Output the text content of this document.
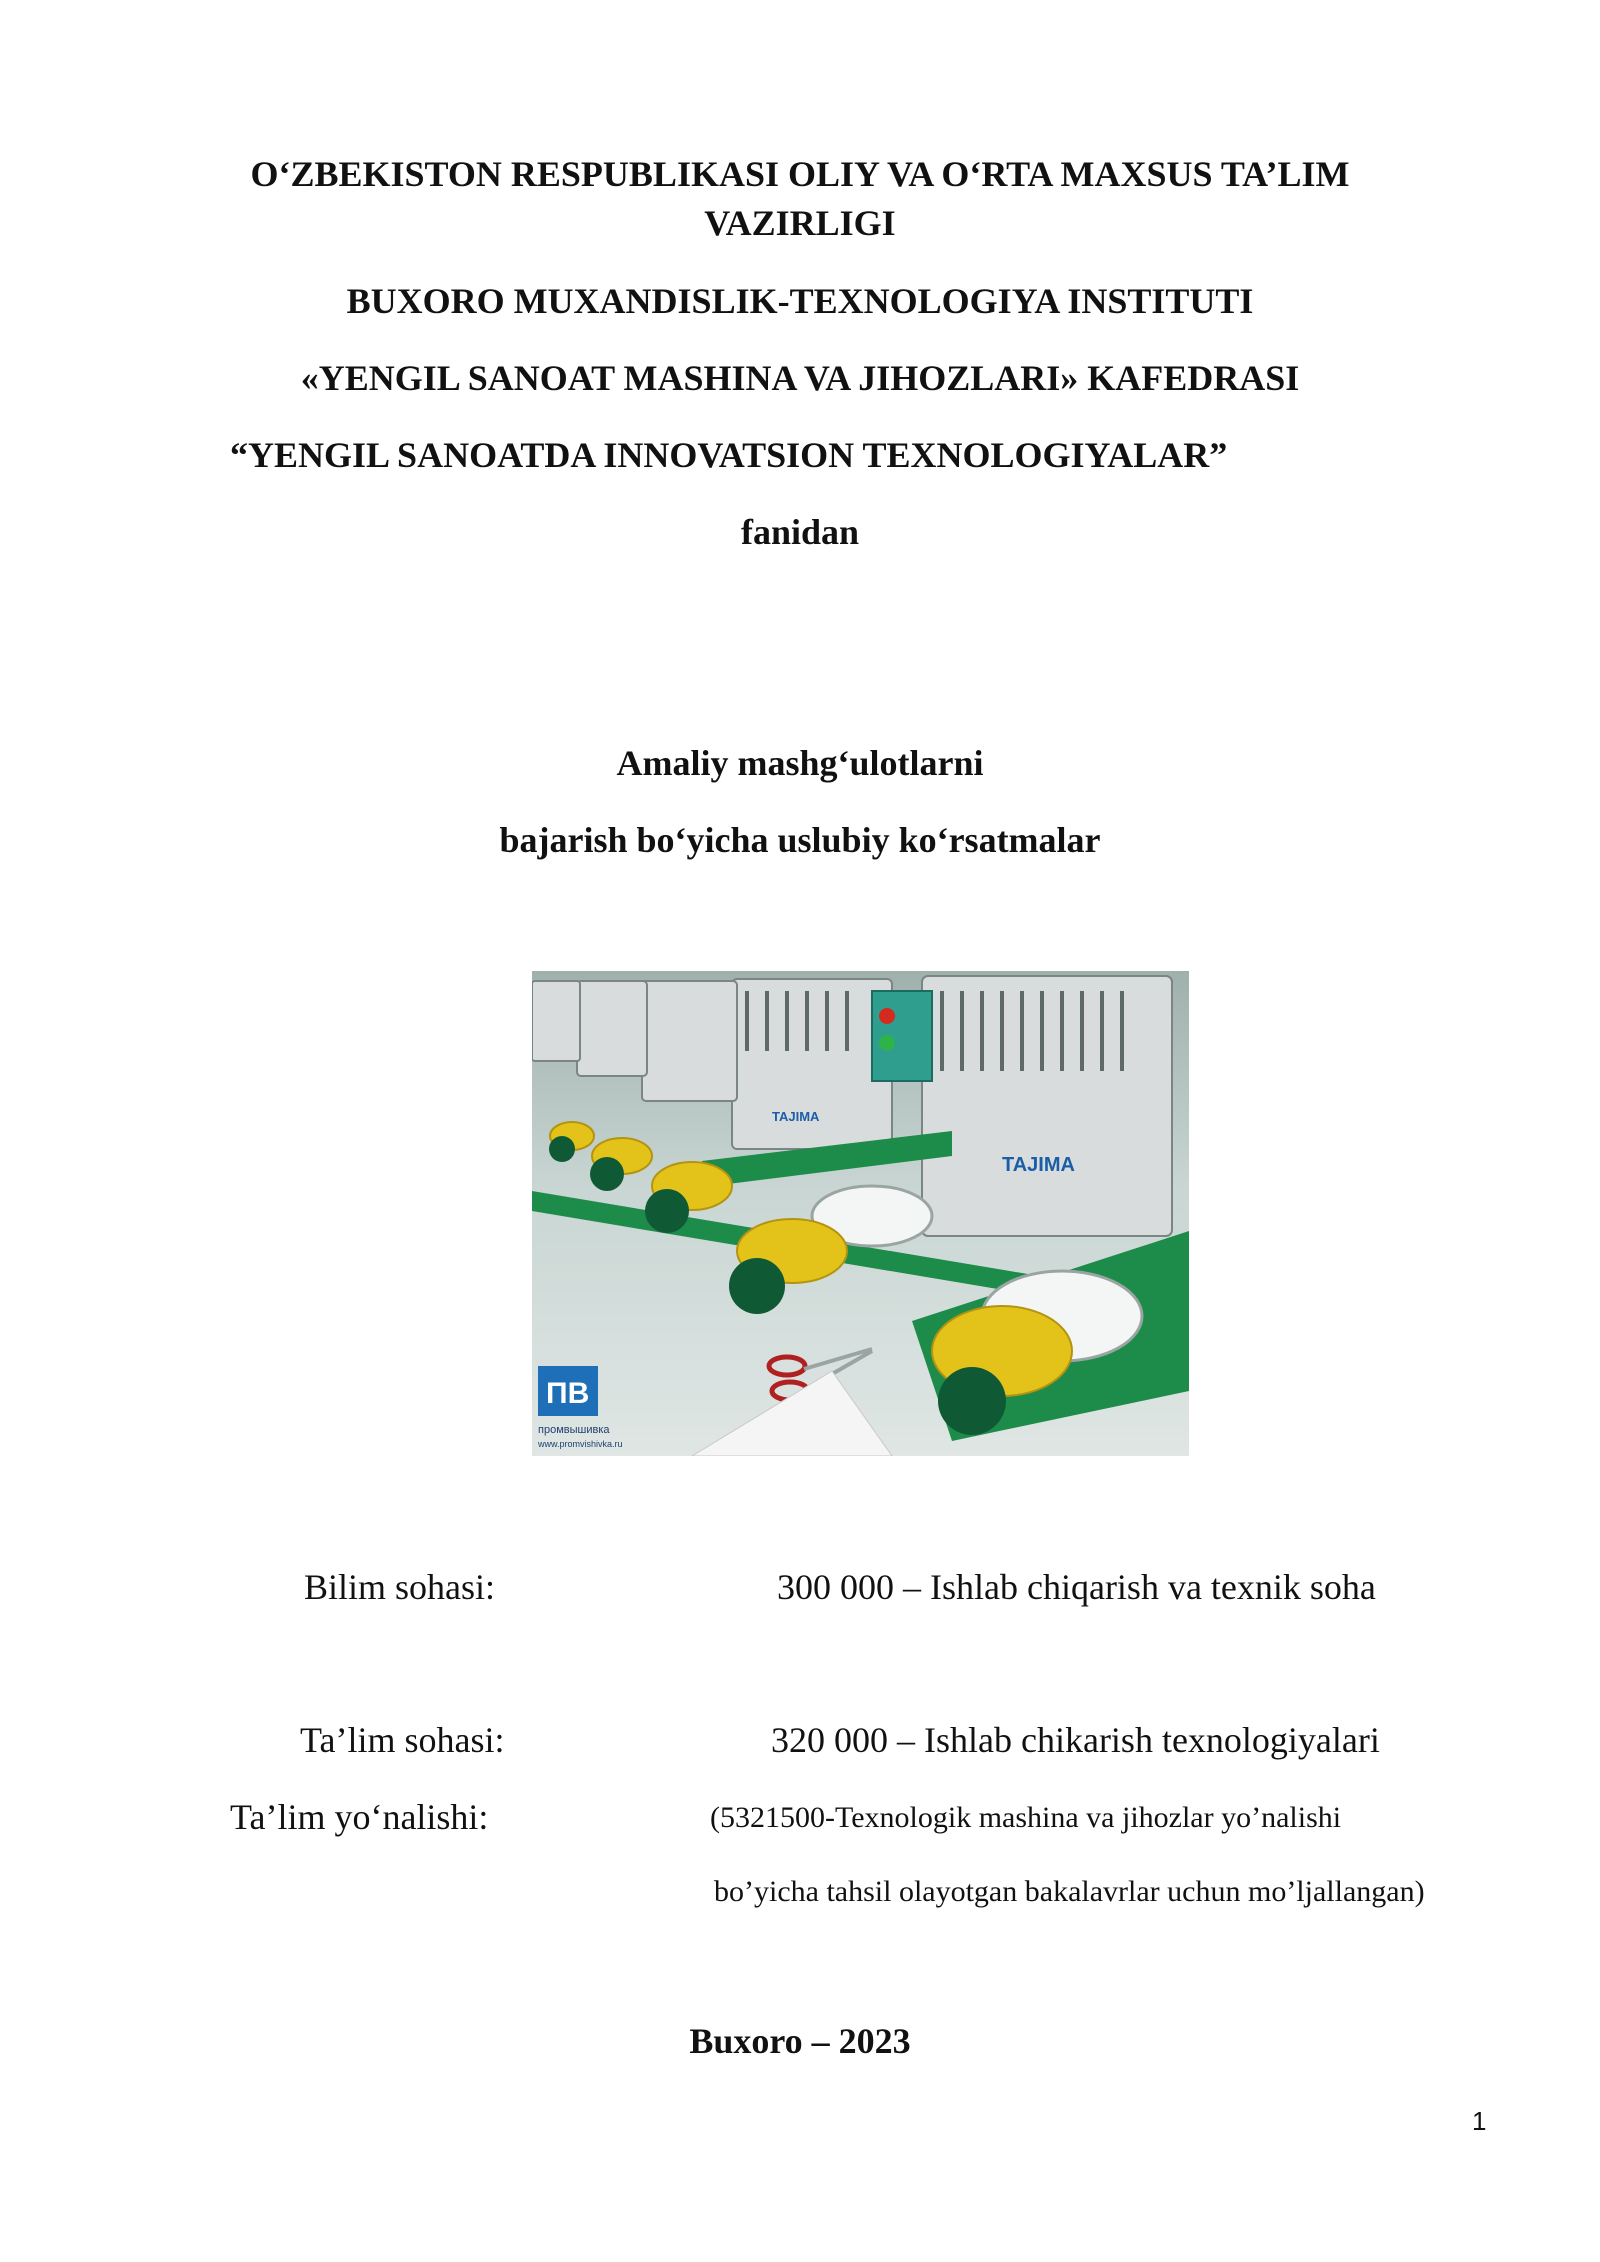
O‘ZBEKISTON RESPUBLIKASI OLIY VA O‘RTA MAXSUS TA’LIM
VAZIRLIGI
BUXORO MUXANDISLIK-TEXNOLOGIYA INSTITUTI
«YENGIL SANOAT MASHINA VA JIHOZLARI» KAFEDRASI
“YENGIL SANOATDA INNOVATSION TEXNOLOGIYALAR”
fanidan
Amaliy mashg‘ulotlarni
bajarish bo‘yicha uslubiy ko‘rsatmalar
TAJIMA
TAJIMA
ПВ
промвышивка
www.promvishivka.ru
Bilim sohasi:	300 000 – Ishlab chiqarish va texnik soha
Ta’lim sohasi:	320 000 – Ishlab chikarish texnologiyalari
Ta’lim yo‘nalishi:	(5321500-Texnologik mashina va jihozlar yo’nalishi
bo’yicha tahsil olayotgan bakalavrlar uchun mo’ljallangan)
Buxoro – 2023
1
